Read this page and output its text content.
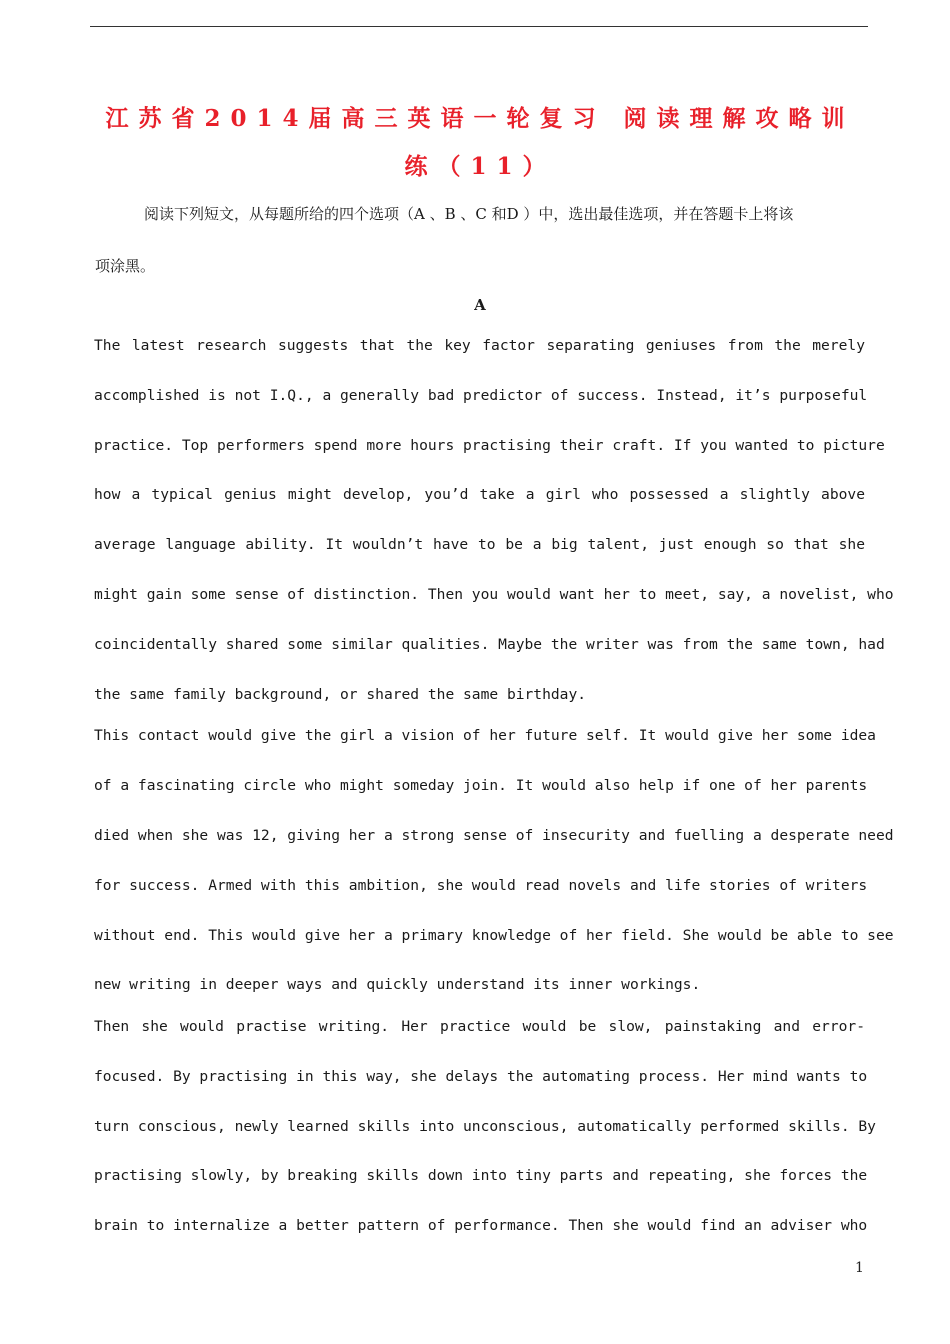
江苏省2014届高三英语一轮复习 阅读理解攻略训
练（11）
阅读下列短文，从每题所给的四个选项（A 、B 、C 和D ）中，选出最佳选项，并在答题卡上将该
项涂黑。
A
The latest research suggests that the key factor separating geniuses from the merely
accomplished is not I.Q., a generally bad predictor of success. Instead, it’s purposeful
practice. Top performers spend more hours practising their craft. If you wanted to picture
how a typical genius might develop, you’d take a girl who possessed a slightly above
average language ability. It wouldn’t have to be a big talent, just enough so that she
might gain some sense of distinction. Then you would want her to meet, say, a novelist, who
coincidentally shared some similar qualities. Maybe the writer was from the same town, had
the same family background, or shared the same birthday.
This contact would give the girl a vision of her future self. It would give her some idea
of a fascinating circle who might someday join. It would also help if one of her parents
died when she was 12, giving her a strong sense of insecurity and fuelling a desperate need
for success. Armed with this ambition, she would read novels and life stories of writers
without end. This would give her a primary knowledge of her field. She would be able to see
new writing in deeper ways and quickly understand its inner workings.
Then she would practise writing. Her practice would be slow, painstaking and error-
focused. By practising in this way, she delays the automating process. Her mind wants to
turn conscious, newly learned skills into unconscious, automatically performed skills. By
practising slowly, by breaking skills down into tiny parts and repeating, she forces the
brain to internalize a better pattern of performance. Then she would find an adviser who
1
